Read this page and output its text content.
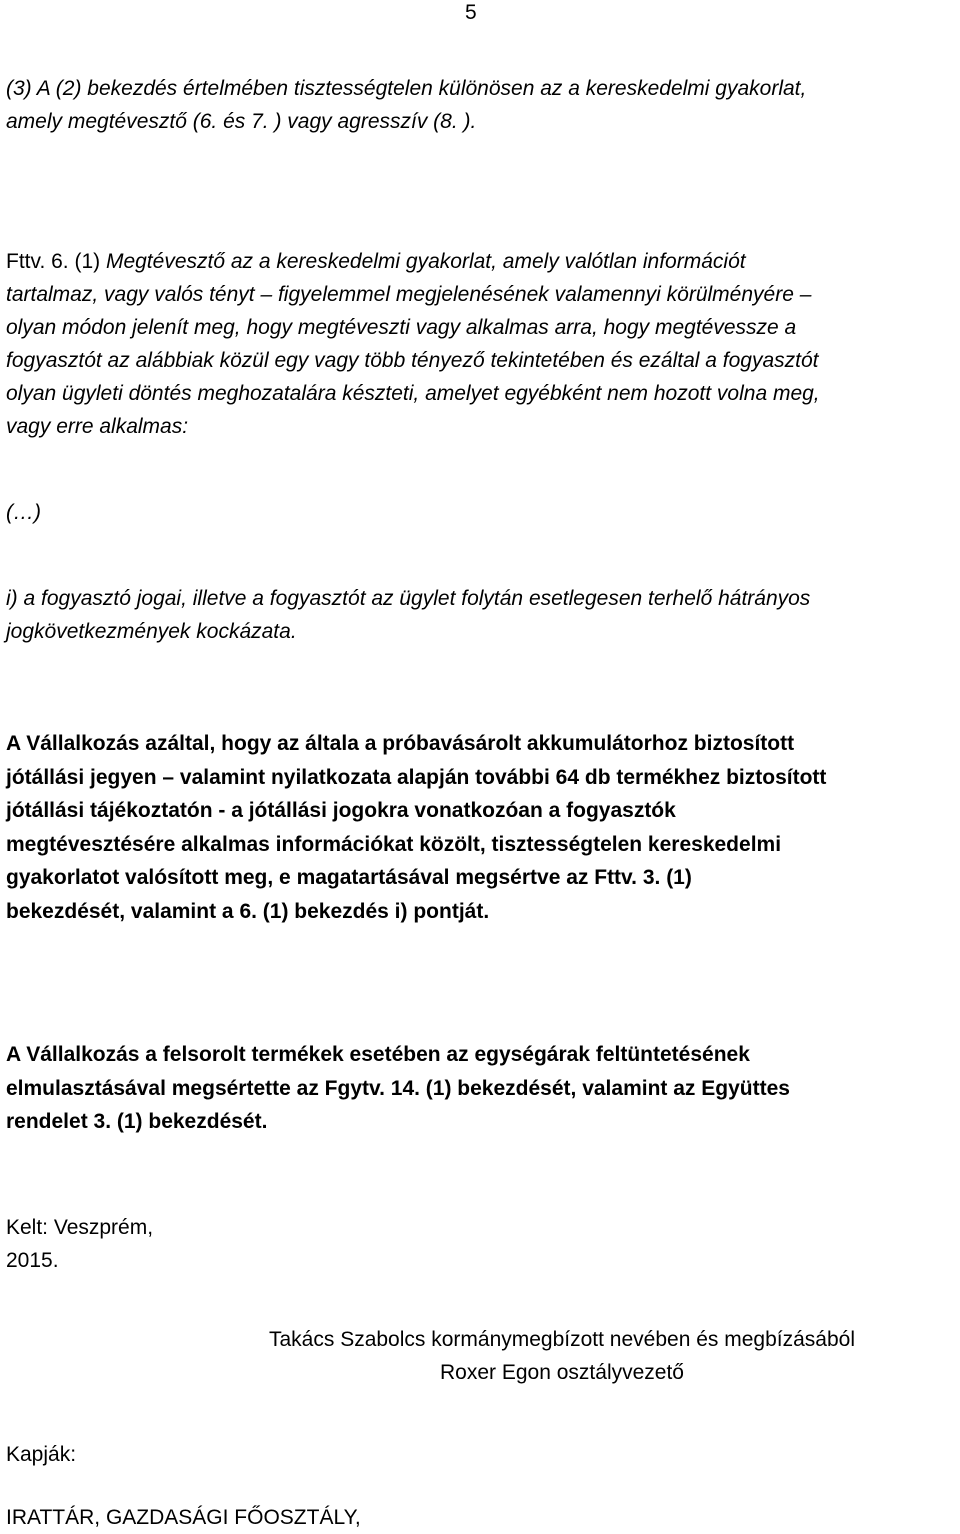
5
(3) A (2) bekezdés értelmében tisztességtelen különösen az a kereskedelmi gyakorlat,
amely megtévesztő (6. és 7. ) vagy agresszív (8. ).
Fttv. 6. (1) Megtévesztő az a kereskedelmi gyakorlat, amely valótlan információt
tartalmaz, vagy valós tényt – figyelemmel megjelenésének valamennyi körülményére –
olyan módon jelenít meg, hogy megtéveszti vagy alkalmas arra, hogy megtévessze a
fogyasztót az alábbiak közül egy vagy több tényező tekintetében és ezáltal a fogyasztót
olyan ügyleti döntés meghozatalára készteti, amelyet egyébként nem hozott volna meg,
vagy erre alkalmas:
(…)
i) a fogyasztó jogai, illetve a fogyasztót az ügylet folytán esetlegesen terhelő hátrányos
jogkövetkezmények kockázata.
A Vállalkozás azáltal, hogy az általa a próbavásárolt akkumulátorhoz biztosított
jótállási jegyen – valamint nyilatkozata alapján további 64 db termékhez biztosított
jótállási tájékoztatón - a jótállási jogokra vonatkozóan a fogyasztók
megtévesztésére alkalmas információkat közölt, tisztességtelen kereskedelmi
gyakorlatot valósított meg, e magatartásával megsértve az Fttv. 3. (1)
bekezdését, valamint a 6. (1) bekezdés i) pontját.
A Vállalkozás a felsorolt termékek esetében az egységárak feltüntetésének
elmulasztásával megsértette az Fgytv. 14. (1) bekezdését, valamint az Együttes
rendelet 3. (1) bekezdését.
Kelt: Veszprém,
2015.
Takács Szabolcs kormánymegbízott nevében és megbízásából
Roxer Egon osztályvezető
Kapják:
IRATTÁR, GAZDASÁGI FŐOSZTÁLY,
